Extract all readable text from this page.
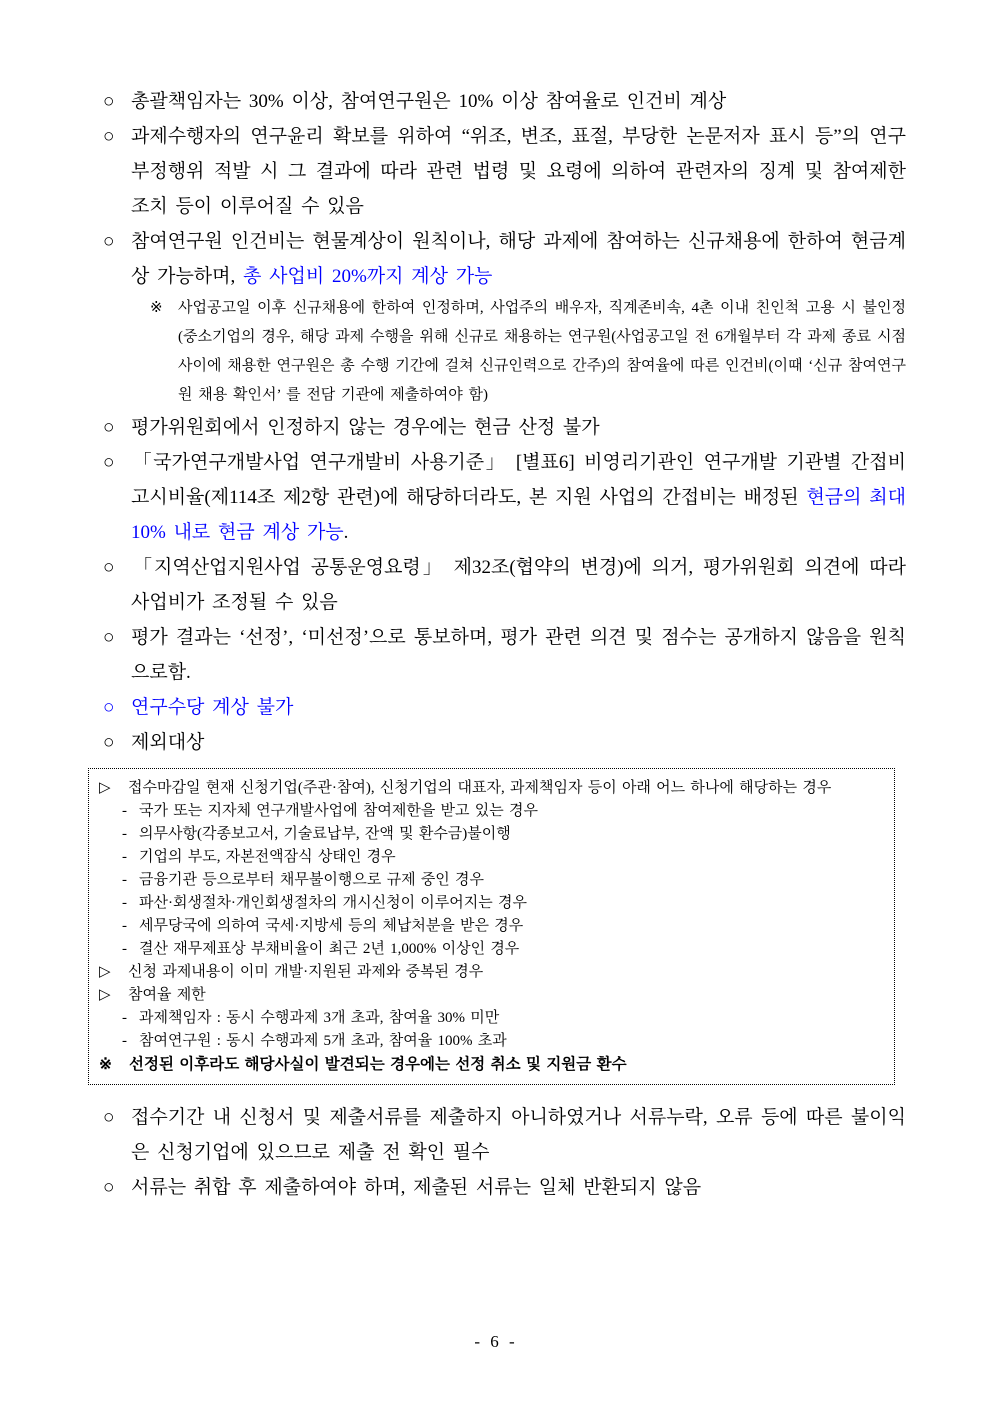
○ 총괄책임자는 30% 이상, 참여연구원은 10% 이상 참여율로 인건비 계상

○ 과제수행자의 연구윤리 확보를 위하여 “위조, 변조, 표절, 부당한 논문저자 표시 등”의 연구 부정행위 적발 시 그 결과에 따라 관련 법령 및 요령에 의하여 관련자의 징계 및 참여제한 조치 등이 이루어질 수 있음

○ 참여연구원 인건비는 현물계상이 원칙이나, 해당 과제에 참여하는 신규채용에 한하여 현금계상 가능하며, 총 사업비 20%까지 계상 가능

※ 사업공고일 이후 신규채용에 한하여 인정하며, 사업주의 배우자, 직계존비속, 4촌 이내 친인척 고용 시 불인정(중소기업의 경우, 해당 과제 수행을 위해 신규로 채용하는 연구원(사업공고일 전 6개월부터 각 과제 종료 시점 사이에 채용한 연구원은 총 수행 기간에 걸쳐 신규인력으로 간주)의 참여율에 따른 인건비(이때 ‘신규 참여연구원 채용 확인서’ 를 전담 기관에 제출하여야 함)

○ 평가위원회에서 인정하지 않는 경우에는 현금 산정 불가

○ 「국가연구개발사업 연구개발비 사용기준」 [별표6] 비영리기관인 연구개발 기관별 간접비고시비율(제114조 제2항 관련)에 해당하더라도, 본 지원 사업의 간접비는 배정된 현금의 최대 10% 내로 현금 계상 가능.

○ 「지역산업지원사업 공통운영요령」 제32조(협약의 변경)에 의거, 평가위원회 의견에 따라 사업비가 조정될 수 있음

○ 평가 결과는 ‘선정’, ‘미선정’으로 통보하며, 평가 관련 의견 및 점수는 공개하지 않음을 원칙으로함.

○ 연구수당 계상 불가

○ 제외대상

▷ 접수마감일 현재 신청기업(주관·참여), 신청기업의 대표자, 과제책임자 등이 아래 어느 하나에 해당하는 경우
- 국가 또는 지자체 연구개발사업에 참여제한을 받고 있는 경우
- 의무사항(각종보고서, 기술료납부, 잔액 및 환수금)불이행
- 기업의 부도, 자본전액잠식 상태인 경우
- 금융기관 등으로부터 채무불이행으로 규제 중인 경우
- 파산·회생절차·개인회생절차의 개시신청이 이루어지는 경우
- 세무당국에 의하여 국세·지방세 등의 체납처분을 받은 경우
- 결산 재무제표상 부채비율이 최근 2년 1,000% 이상인 경우
▷ 신청 과제내용이 이미 개발·지원된 과제와 중복된 경우
▷ 참여율 제한
- 과제책임자 : 동시 수행과제 3개 초과, 참여율 30% 미만
- 참여연구원 : 동시 수행과제 5개 초과, 참여율 100% 초과
※ 선정된 이후라도 해당사실이 발견되는 경우에는 선정 취소 및 지원금 환수

○ 접수기간 내 신청서 및 제출서류를 제출하지 아니하였거나 서류누락, 오류 등에 따른 불이익은 신청기업에 있으므로 제출 전 확인 필수

○ 서류는 취합 후 제출하여야 하며, 제출된 서류는 일체 반환되지 않음

- 6 -
